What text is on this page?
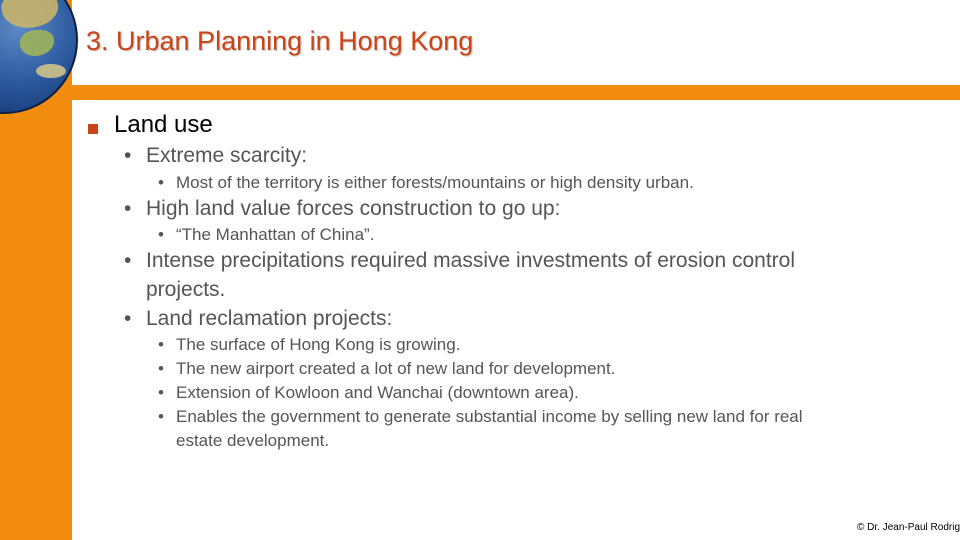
3. Urban Planning in Hong Kong
Land use
• Extreme scarcity:
• Most of the territory is either forests/mountains or high density urban.
• High land value forces construction to go up:
• “The Manhattan of China”.
• Intense precipitations required massive investments of erosion control
projects.
• Land reclamation projects:
• The surface of Hong Kong is growing.
• The new airport created a lot of new land for development.
• Extension of Kowloon and Wanchai (downtown area).
• Enables the government to generate substantial income by selling new land for real
estate development.
© Dr. Jean-Paul Rodrig
